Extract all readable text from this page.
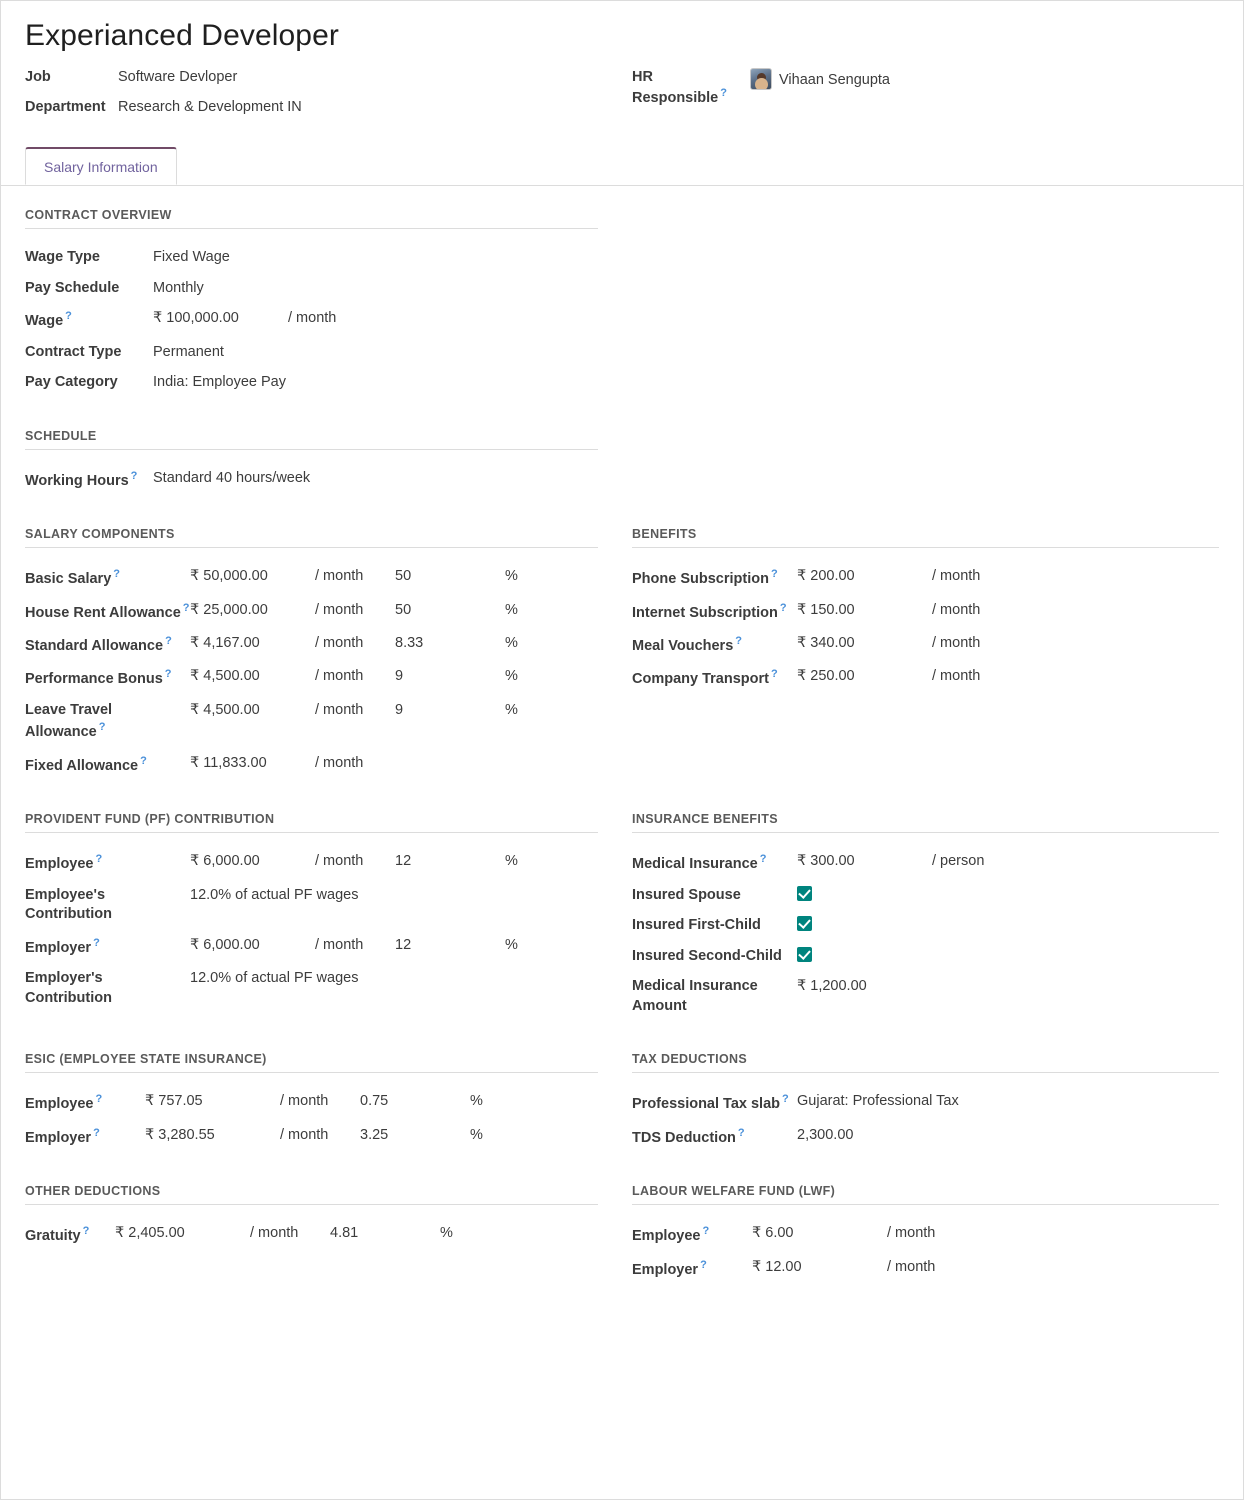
Experianced Developer
Job	Software Devloper
Department Research & Development IN
HR Responsible ?
Vihaan Sengupta
Salary Information
CONTRACT OVERVIEW
Wage Type	Fixed Wage	
Pay Schedule	Monthly	
Wage ?	₹ 100,000.00	/ month
Contract Type	Permanent	
Pay Category	India: Employee Pay	
SCHEDULE
Working Hours ?	Standard 40 hours/week
SALARY COMPONENTS
Basic Salary ?	₹ 50,000.00	/ month	50	%
House Rent Allowance ?	₹ 25,000.00	/ month	50	%
Standard Allowance ?	₹ 4,167.00	/ month	8.33	%
Performance Bonus ?	₹ 4,500.00	/ month	9	%
Leave Travel Allowance ?	₹ 4,500.00	/ month	9	%
Fixed Allowance ?	₹ 11,833.00	/ month		
BENEFITS
Phone Subscription ?	₹ 200.00	/ month
Internet Subscription ?	₹ 150.00	/ month
Meal Vouchers ?	₹ 340.00	/ month
Company Transport ?	₹ 250.00	/ month
PROVIDENT FUND (PF) CONTRIBUTION
Employee ?	₹ 6,000.00	/ month	12	%
Employee's Contribution	12.0% of actual PF wages			
Employer ?	₹ 6,000.00	/ month	12	%
Employer's Contribution	12.0% of actual PF wages			
INSURANCE BENEFITS
Medical Insurance ?	₹ 300.00	/ person
Insured Spouse		
Insured First-Child		
Insured Second-Child		
Medical Insurance Amount	₹ 1,200.00	
ESIC (EMPLOYEE STATE INSURANCE)
Employee ?	₹ 757.05	/ month	0.75	%
Employer ?	₹ 3,280.55	/ month	3.25	%
TAX DEDUCTIONS
Professional Tax slab ?	Gujarat: Professional Tax
TDS Deduction ?	2,300.00
OTHER DEDUCTIONS
Gratuity ?	₹ 2,405.00	/ month	4.81	%
LABOUR WELFARE FUND (LWF)
Employee ?	₹ 6.00	/ month
Employer ?	₹ 12.00	/ month
